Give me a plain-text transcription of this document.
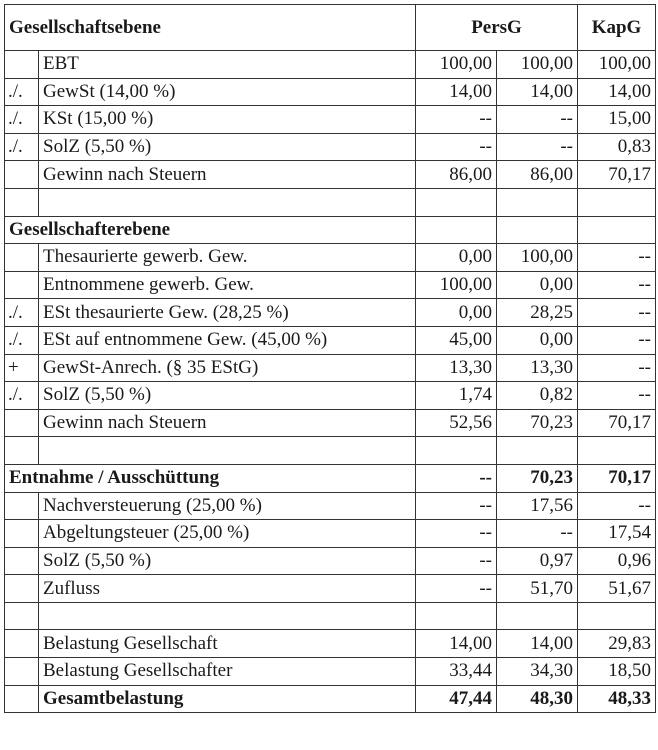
Gesellschaftsebene		PersG		KapG
	EBT	100,00	100,00	100,00
./.	GewSt (14,00 %)	14,00	14,00	14,00
./.	KSt (15,00 %)	--	--	15,00
./.	SolZ (5,50 %)	--	--	0,83
	Gewinn nach Steuern	86,00	86,00	70,17

Gesellschafterebene				
	Thesaurierte gewerb. Gew.	0,00	100,00	--
	Entnommene gewerb. Gew.	100,00	0,00	--
./.	ESt thesaurierte Gew. (28,25 %)	0,00	28,25	--
./.	ESt auf entnommene Gew. (45,00 %)	45,00	0,00	--
+	GewSt-Anrech. (§ 35 EStG)	13,30	13,30	--
./.	SolZ (5,50 %)	1,74	0,82	--
	Gewinn nach Steuern	52,56	70,23	70,17

Entnahme / Ausschüttung		--	70,23	70,17
	Nachversteuerung (25,00 %)	--	17,56	--
	Abgeltungsteuer (25,00 %)	--	--	17,54
	SolZ (5,50 %)	--	0,97	0,96
	Zufluss	--	51,70	51,67

	Belastung Gesellschaft	14,00	14,00	29,83
	Belastung Gesellschafter	33,44	34,30	18,50
	Gesamtbelastung	47,44	48,30	48,33
